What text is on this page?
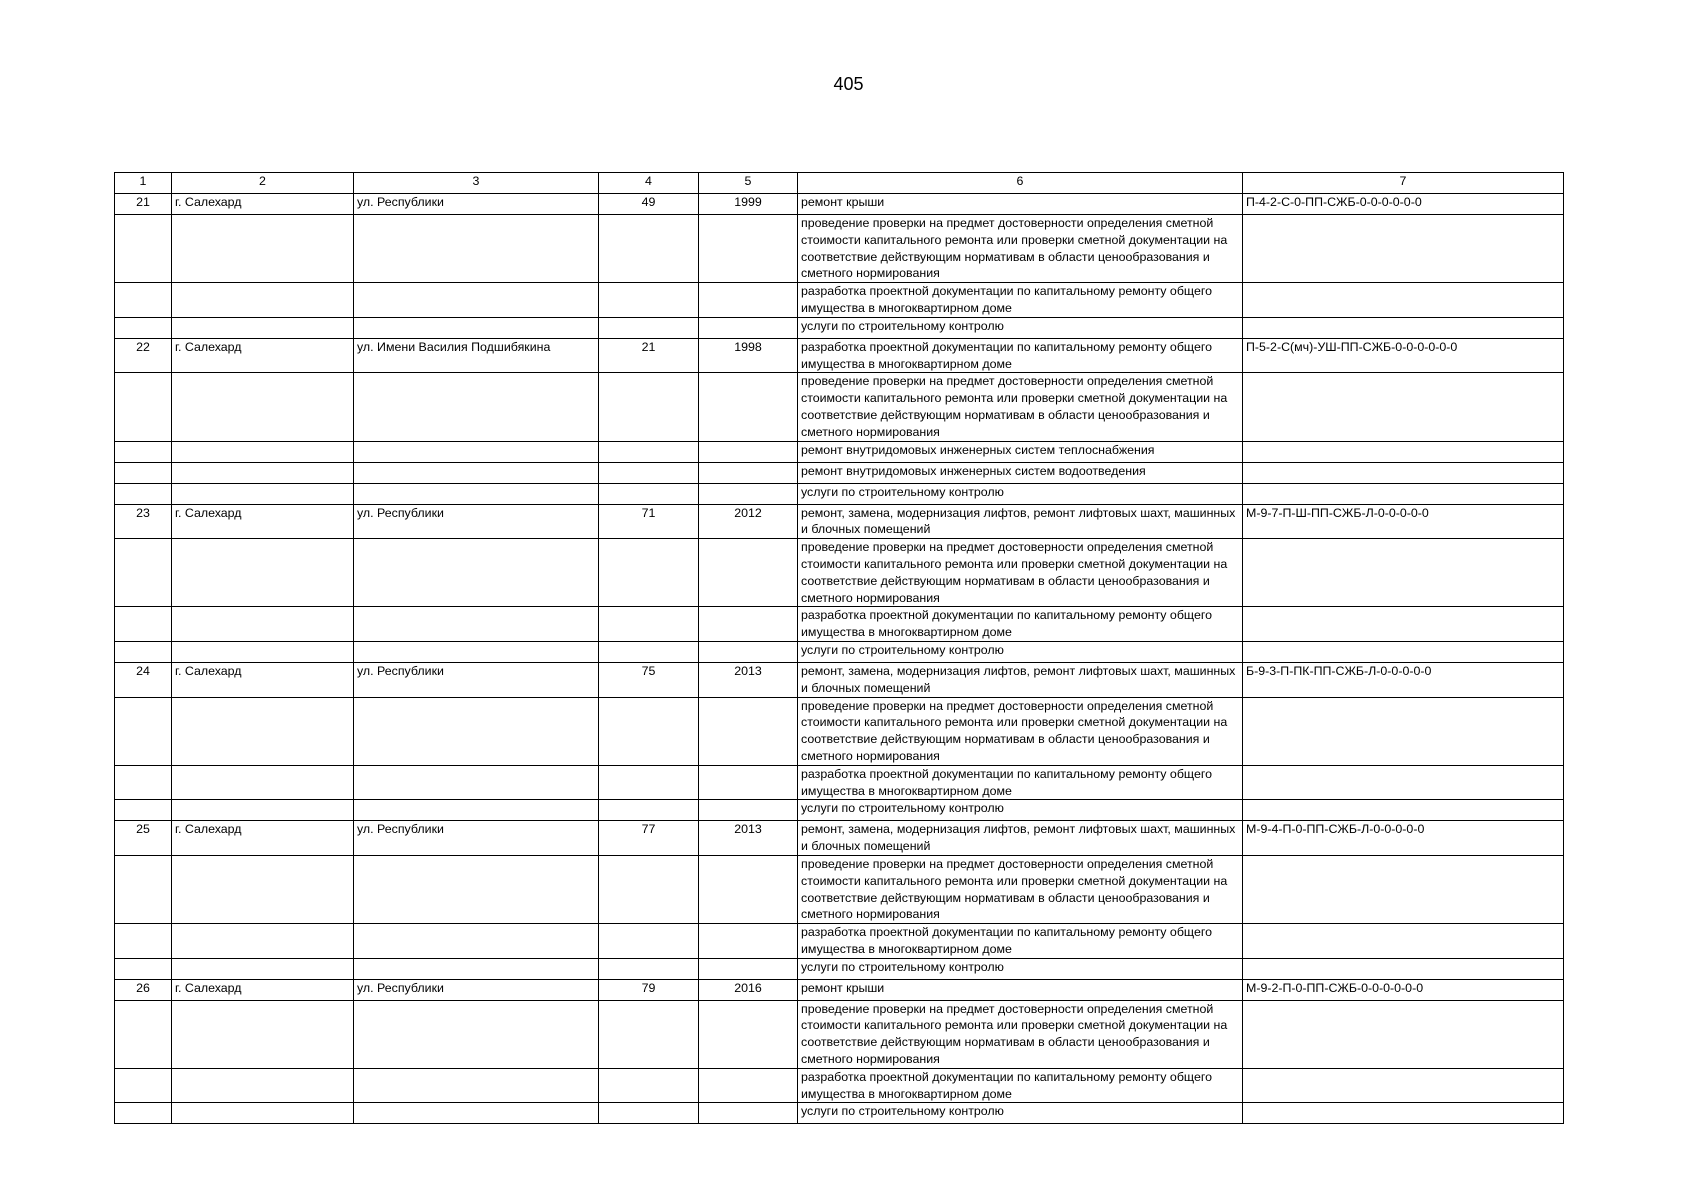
405
1	2	3	4	5	6	7
21	г. Салехард	ул. Республики	49	1999	ремонт крыши	П-4-2-С-0-ПП-СЖБ-0-0-0-0-0-0
					проведение проверки на предмет достоверности определения сметной стоимости капитального ремонта или проверки сметной документации на соответствие действующим нормативам в области ценообразования и сметного нормирования	
					разработка проектной документации по капитальному ремонту общего имущества в многоквартирном доме	
					услуги по строительному контролю	
22	г. Салехард	ул. Имени Василия Подшибякина	21	1998	разработка проектной документации по капитальному ремонту общего имущества в многоквартирном доме	П-5-2-С(мч)-УШ-ПП-СЖБ-0-0-0-0-0-0
					проведение проверки на предмет достоверности определения сметной стоимости капитального ремонта или проверки сметной документации на соответствие действующим нормативам в области ценообразования и сметного нормирования	
					ремонт внутридомовых инженерных систем теплоснабжения	
					ремонт внутридомовых инженерных систем водоотведения	
					услуги по строительному контролю	
23	г. Салехард	ул. Республики	71	2012	ремонт, замена, модернизация лифтов, ремонт лифтовых шахт, машинных и блочных помещений	М-9-7-П-Ш-ПП-СЖБ-Л-0-0-0-0-0
					проведение проверки на предмет достоверности определения сметной стоимости капитального ремонта или проверки сметной документации на соответствие действующим нормативам в области ценообразования и сметного нормирования	
					разработка проектной документации по капитальному ремонту общего имущества в многоквартирном доме	
					услуги по строительному контролю	
24	г. Салехард	ул. Республики	75	2013	ремонт, замена, модернизация лифтов, ремонт лифтовых шахт, машинных и блочных помещений	Б-9-3-П-ПК-ПП-СЖБ-Л-0-0-0-0-0
					проведение проверки на предмет достоверности определения сметной стоимости капитального ремонта или проверки сметной документации на соответствие действующим нормативам в области ценообразования и сметного нормирования	
					разработка проектной документации по капитальному ремонту общего имущества в многоквартирном доме	
					услуги по строительному контролю	
25	г. Салехард	ул. Республики	77	2013	ремонт, замена, модернизация лифтов, ремонт лифтовых шахт, машинных и блочных помещений	М-9-4-П-0-ПП-СЖБ-Л-0-0-0-0-0
					проведение проверки на предмет достоверности определения сметной стоимости капитального ремонта или проверки сметной документации на соответствие действующим нормативам в области ценообразования и сметного нормирования	
					разработка проектной документации по капитальному ремонту общего имущества в многоквартирном доме	
					услуги по строительному контролю	
26	г. Салехард	ул. Республики	79	2016	ремонт крыши	М-9-2-П-0-ПП-СЖБ-0-0-0-0-0-0
					проведение проверки на предмет достоверности определения сметной стоимости капитального ремонта или проверки сметной документации на соответствие действующим нормативам в области ценообразования и сметного нормирования	
					разработка проектной документации по капитальному ремонту общего имущества в многоквартирном доме	
					услуги по строительному контролю	
